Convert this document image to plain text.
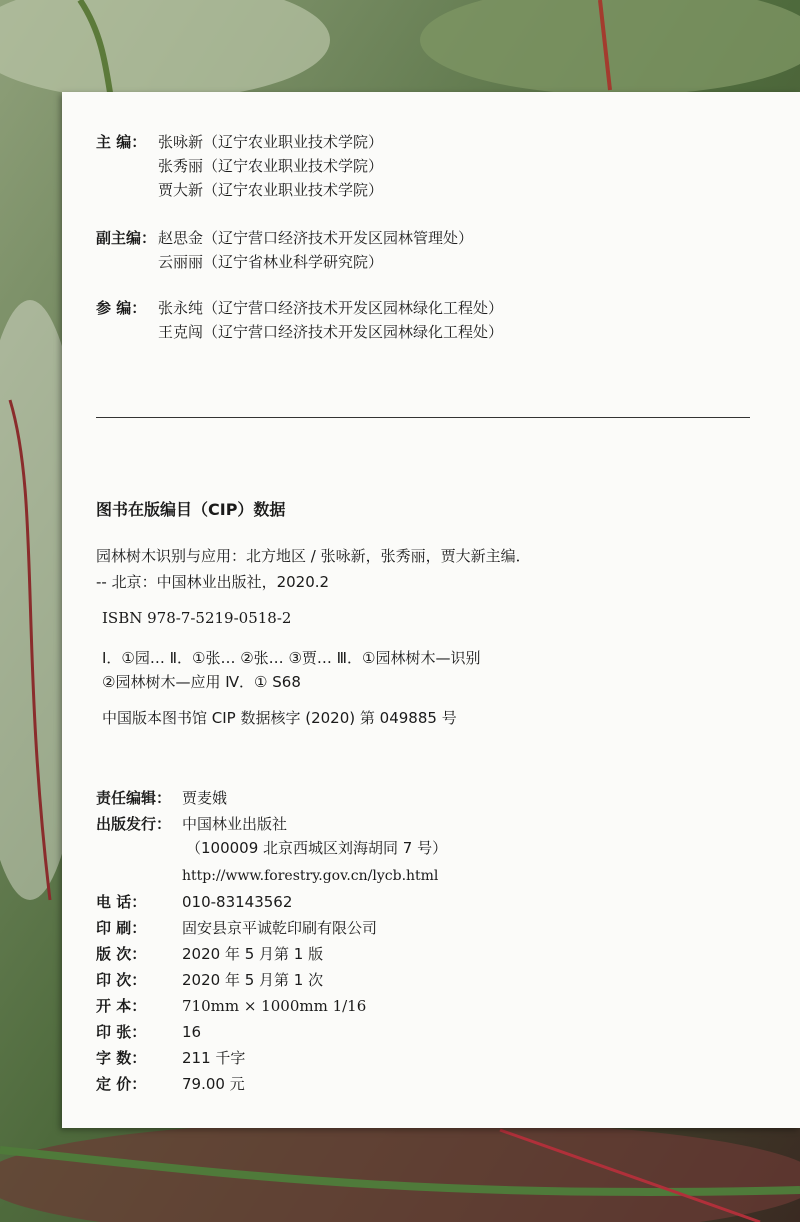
主 编： 张咏新（辽宁农业职业技术学院）
张秀丽（辽宁农业职业技术学院）
贾大新（辽宁农业职业技术学院）
副主编： 赵思金（辽宁营口经济技术开发区园林管理处）
云丽丽（辽宁省林业科学研究院）
参 编： 张永纯（辽宁营口经济技术开发区园林绿化工程处）
王克闯（辽宁营口经济技术开发区园林绿化工程处）
图书在版编目（CIP）数据
园林树木识别与应用：北方地区 / 张咏新，张秀丽，贾大新主编．
-- 北京：中国林业出版社，2020.2
ISBN 978-7-5219-0518-2
Ⅰ．①园… Ⅱ．①张… ②张… ③贾… Ⅲ．①园林树木—识别
②园林树木—应用 Ⅳ．① S68
中国版本图书馆 CIP 数据核字 (2020) 第 049885 号
责任编辑： 贾麦娥
出版发行： 中国林业出版社
（100009 北京西城区刘海胡同 7 号）
http://www.forestry.gov.cn/lycb.html
电 话： 010-83143562
印 刷： 固安县京平诚乾印刷有限公司
版 次： 2020 年 5 月第 1 版
印 次： 2020 年 5 月第 1 次
开 本： 710mm × 1000mm 1/16
印 张： 16
字 数： 211 千字
定 价： 79.00 元
